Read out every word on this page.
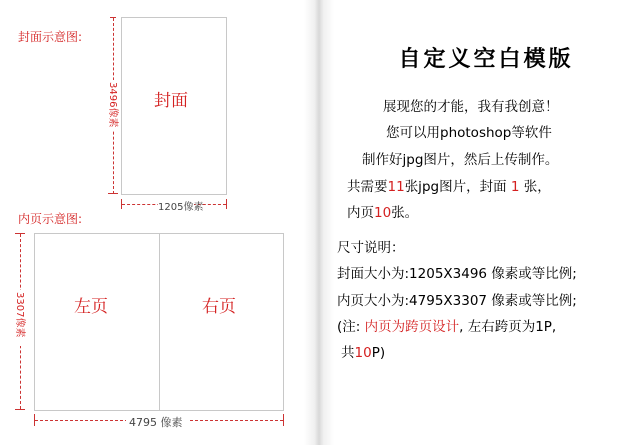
封面示意图:
3496像素 封面
1205像素
内页示意图:
3307像素	左页	右页
4795 像素
自定义空白模版
展现您的才能，我有我创意！
您可以用photoshop等软件
制作好jpg图片，然后上传制作。
共需要11张jpg图片，封面 1 张，
内页10张。
尺寸说明：
封面大小为:1205X3496 像素或等比例;
内页大小为:4795X3307 像素或等比例;
(注: 内页为跨页设计, 左右跨页为1P,
共10P)
